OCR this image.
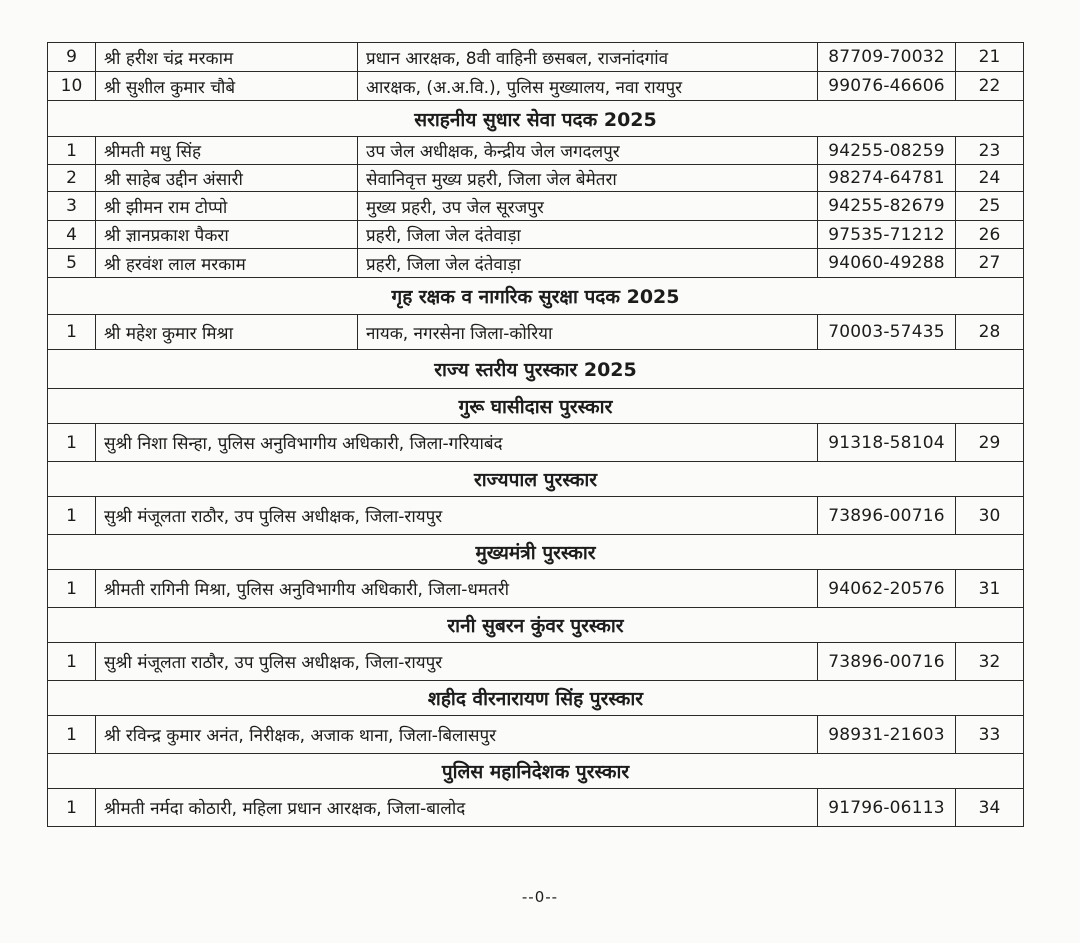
9	श्री हरीश चंद्र मरकाम	प्रधान आरक्षक, 8वी वाहिनी छसबल, राजनांदगांव	87709-70032	21
10	श्री सुशील कुमार चौबे	आरक्षक, (अ.अ.वि.), पुलिस मुख्यालय, नवा रायपुर	99076-46606	22
सराहनीय सुधार सेवा पदक 2025				
1	श्रीमती मधु सिंह	उप जेल अधीक्षक, केन्द्रीय जेल जगदलपुर	94255-08259	23
2	श्री साहेब उद्दीन अंसारी	सेवानिवृत्त मुख्य प्रहरी, जिला जेल बेमेतरा	98274-64781	24
3	श्री झीमन राम टोप्पो	मुख्य प्रहरी, उप जेल सूरजपुर	94255-82679	25
4	श्री ज्ञानप्रकाश पैकरा	प्रहरी, जिला जेल दंतेवाड़ा	97535-71212	26
5	श्री हरवंश लाल मरकाम	प्रहरी, जिला जेल दंतेवाड़ा	94060-49288	27
गृह रक्षक व नागरिक सुरक्षा पदक 2025				
1	श्री महेश कुमार मिश्रा	नायक, नगरसेना जिला-कोरिया	70003-57435	28
राज्य स्तरीय पुरस्कार 2025				
गुरू घासीदास पुरस्कार				
1	सुश्री निशा सिन्हा, पुलिस अनुविभागीय अधिकारी, जिला-गरियाबंद		91318-58104	29
राज्यपाल पुरस्कार				
1	सुश्री मंजूलता राठौर, उप पुलिस अधीक्षक, जिला-रायपुर		73896-00716	30
मुख्यमंत्री पुरस्कार				
1	श्रीमती रागिनी मिश्रा, पुलिस अनुविभागीय अधिकारी, जिला-धमतरी		94062-20576	31
रानी सुबरन कुंवर पुरस्कार				
1	सुश्री मंजूलता राठौर, उप पुलिस अधीक्षक, जिला-रायपुर		73896-00716	32
शहीद वीरनारायण सिंह पुरस्कार				
1	श्री रविन्द्र कुमार अनंत, निरीक्षक, अजाक थाना, जिला-बिलासपुर		98931-21603	33
पुलिस महानिदेशक पुरस्कार				
1	श्रीमती नर्मदा कोठारी, महिला प्रधान आरक्षक, जिला-बालोद		91796-06113	34
--0--
